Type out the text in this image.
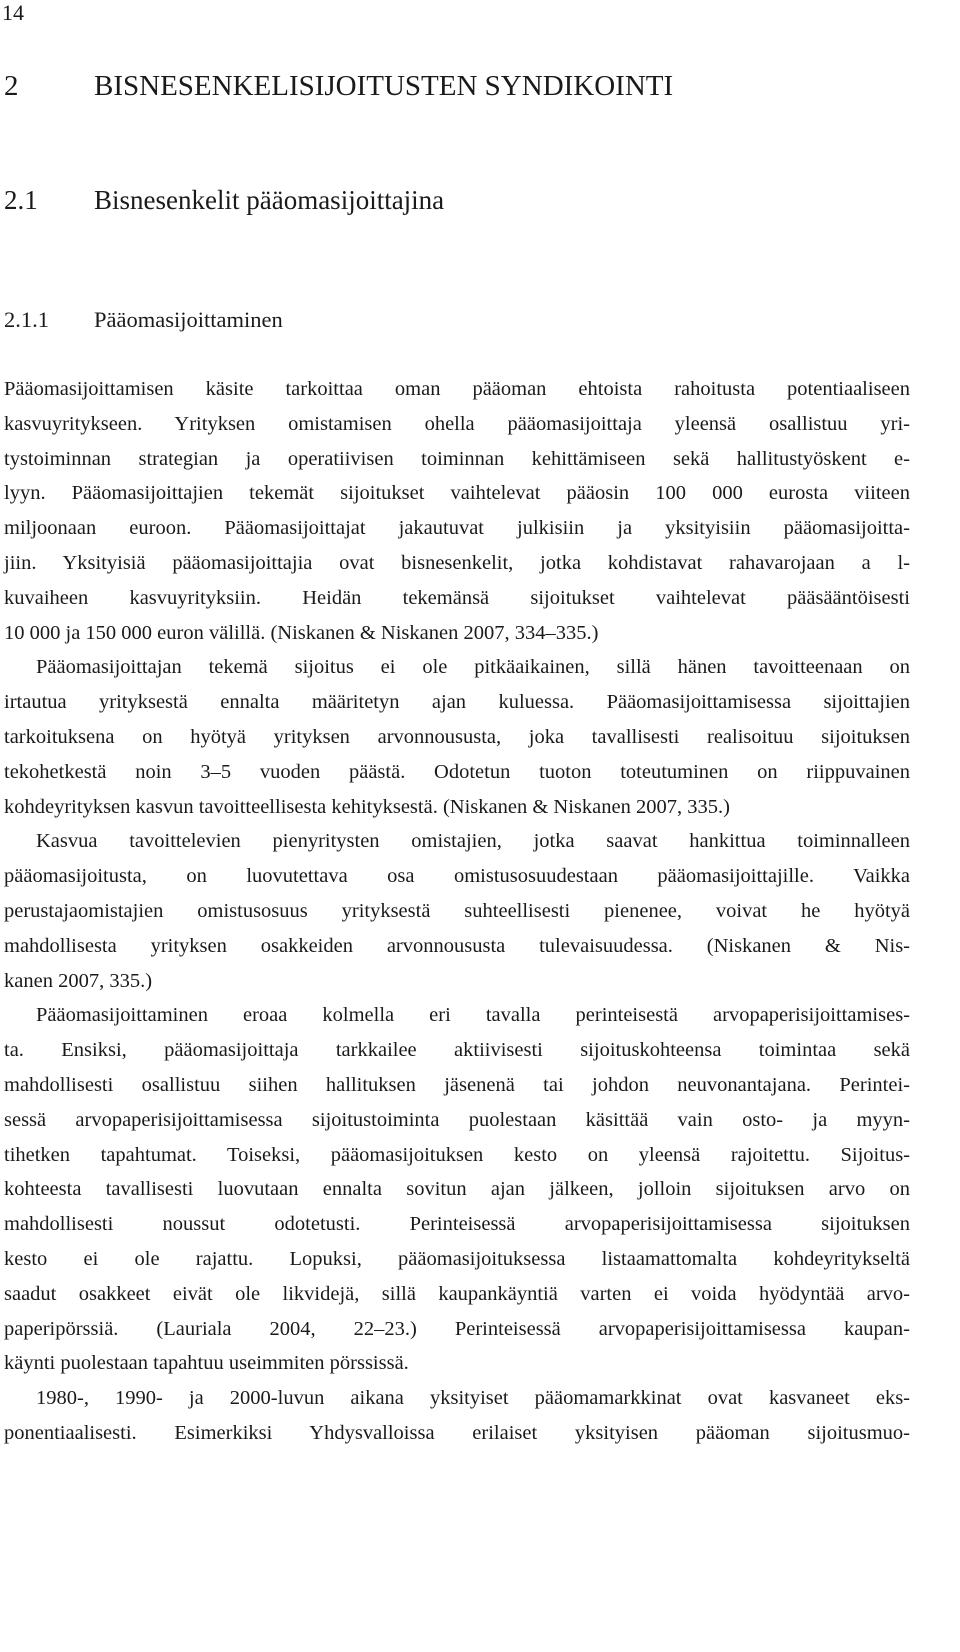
14
2	BISNESENKELISIJOITUSTEN SYNDIKOINTI
2.1 Bisnesenkelit pääomasijoittajina
2.1.1 Pääomasijoittaminen
Pääomasijoittamisen käsite tarkoittaa oman pääoman ehtoista rahoitusta potentiaaliseen
kasvuyritykseen. Yrityksen omistamisen ohella pääomasijoittaja yleensä osallistuu yri-
tystoiminnan strategian ja operatiivisen toiminnan kehittämiseen sekä hallitustyöskent e-
lyyn. Pääomasijoittajien tekemät sijoitukset vaihtelevat pääosin 100 000 eurosta viiteen
miljoonaan euroon. Pääomasijoittajat jakautuvat julkisiin ja yksityisiin pääomasijoitta-
jiin. Yksityisiä pääomasijoittajia ovat bisnesenkelit, jotka kohdistavat rahavarojaan a l-
kuvaiheen kasvuyrityksiin. Heidän tekemänsä sijoitukset vaihtelevat pääsääntöisesti
10 000 ja 150 000 euron välillä. (Niskanen & Niskanen 2007, 334–335.)
Pääomasijoittajan tekemä sijoitus ei ole pitkäaikainen, sillä hänen tavoitteenaan on
irtautua yrityksestä ennalta määritetyn ajan kuluessa. Pääomasijoittamisessa sijoittajien
tarkoituksena on hyötyä yrityksen arvonnoususta, joka tavallisesti realisoituu sijoituksen
tekohetkestä noin 3–5 vuoden päästä. Odotetun tuoton toteutuminen on riippuvainen
kohdeyrityksen kasvun tavoitteellisesta kehityksestä. (Niskanen & Niskanen 2007, 335.)
Kasvua tavoittelevien pienyritysten omistajien, jotka saavat hankittua toiminnalleen
pääomasijoitusta, on luovutettava osa omistusosuudestaan pääomasijoittajille. Vaikka
perustajaomistajien omistusosuus yrityksestä suhteellisesti pienenee, voivat he hyötyä
mahdollisesta yrityksen osakkeiden arvonnoususta tulevaisuudessa. (Niskanen & Nis-
kanen 2007, 335.)
Pääomasijoittaminen eroaa kolmella eri tavalla perinteisestä arvopaperisijoittamises-
ta. Ensiksi, pääomasijoittaja tarkkailee aktiivisesti sijoituskohteensa toimintaa sekä
mahdollisesti osallistuu siihen hallituksen jäsenenä tai johdon neuvonantajana. Perintei-
sessä arvopaperisijoittamisessa sijoitustoiminta puolestaan käsittää vain osto- ja myyn-
tihetken tapahtumat. Toiseksi, pääomasijoituksen kesto on yleensä rajoitettu. Sijoitus-
kohteesta tavallisesti luovutaan ennalta sovitun ajan jälkeen, jolloin sijoituksen arvo on
mahdollisesti noussut odotetusti. Perinteisessä arvopaperisijoittamisessa sijoituksen
kesto ei ole rajattu. Lopuksi, pääomasijoituksessa listaamattomalta kohdeyritykseltä
saadut osakkeet eivät ole likvidejä, sillä kaupankäyntiä varten ei voida hyödyntää arvo-
paperipörssiä. (Lauriala 2004, 22–23.) Perinteisessä arvopaperisijoittamisessa kaupan-
käynti puolestaan tapahtuu useimmiten pörssissä.
1980-, 1990- ja 2000-luvun aikana yksityiset pääomamarkkinat ovat kasvaneet eks-
ponentiaalisesti. Esimerkiksi Yhdysvalloissa erilaiset yksityisen pääoman sijoitusmuo-
